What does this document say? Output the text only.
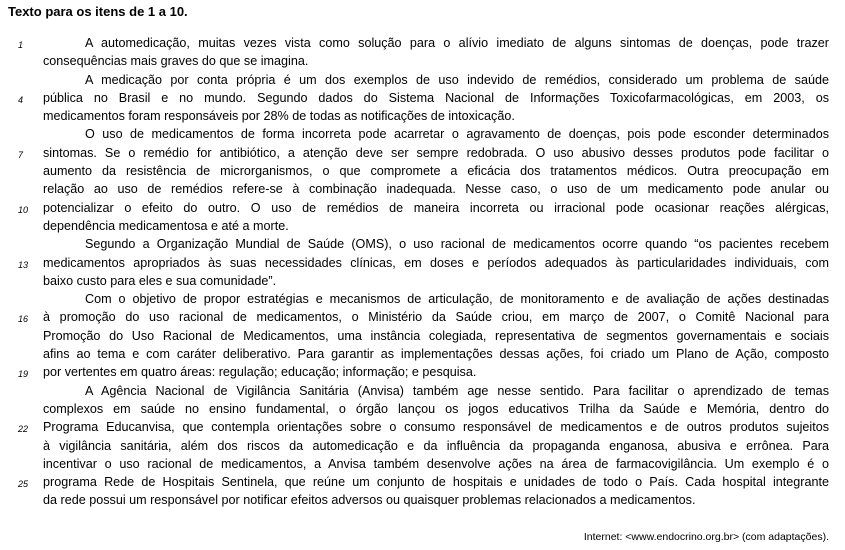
Texto para os itens de 1 a 10.
1	A automedicação, muitas vezes vista como solução para o alívio imediato de alguns sintomas de doenças, pode trazer
consequências mais graves do que se imagina.
A medicação por conta própria é um dos exemplos de uso indevido de remédios, considerado um problema de saúde
4 pública no Brasil e no mundo. Segundo dados do Sistema Nacional de Informações Toxicofarmacológicas, em 2003, os
medicamentos foram responsáveis por 28% de todas as notificações de intoxicação.
O uso de medicamentos de forma incorreta pode acarretar o agravamento de doenças, pois pode esconder determinados
7 sintomas. Se o remédio for antibiótico, a atenção deve ser sempre redobrada. O uso abusivo desses produtos pode facilitar o
aumento da resistência de microrganismos, o que compromete a eficácia dos tratamentos médicos. Outra preocupação em
relação ao uso de remédios refere-se à combinação inadequada. Nesse caso, o uso de um medicamento pode anular ou
10 potencializar o efeito do outro. O uso de remédios de maneira incorreta ou irracional pode ocasionar reações alérgicas,
dependência medicamentosa e até a morte.
Segundo a Organização Mundial de Saúde (OMS), o uso racional de medicamentos ocorre quando “os pacientes recebem
13 medicamentos apropriados às suas necessidades clínicas, em doses e períodos adequados às particularidades individuais, com
baixo custo para eles e sua comunidade”.
Com o objetivo de propor estratégias e mecanismos de articulação, de monitoramento e de avaliação de ações destinadas
16 à promoção do uso racional de medicamentos, o Ministério da Saúde criou, em março de 2007, o Comitê Nacional para
Promoção do Uso Racional de Medicamentos, uma instância colegiada, representativa de segmentos governamentais e sociais
afins ao tema e com caráter deliberativo. Para garantir as implementações dessas ações, foi criado um Plano de Ação, composto
19 por vertentes em quatro áreas: regulação; educação; informação; e pesquisa.
A Agência Nacional de Vigilância Sanitária (Anvisa) também age nesse sentido. Para facilitar o aprendizado de temas
complexos em saúde no ensino fundamental, o órgão lançou os jogos educativos Trilha da Saúde e Memória, dentro do
22 Programa Educanvisa, que contempla orientações sobre o consumo responsável de medicamentos e de outros produtos sujeitos
à vigilância sanitária, além dos riscos da automedicação e da influência da propaganda enganosa, abusiva e errônea. Para
incentivar o uso racional de medicamentos, a Anvisa também desenvolve ações na área de farmacovigilância. Um exemplo é o
25 programa Rede de Hospitais Sentinela, que reúne um conjunto de hospitais e unidades de todo o País. Cada hospital integrante
da rede possui um responsável por notificar efeitos adversos ou quaisquer problemas relacionados a medicamentos.
Internet: <www.endocrino.org.br> (com adaptações).
